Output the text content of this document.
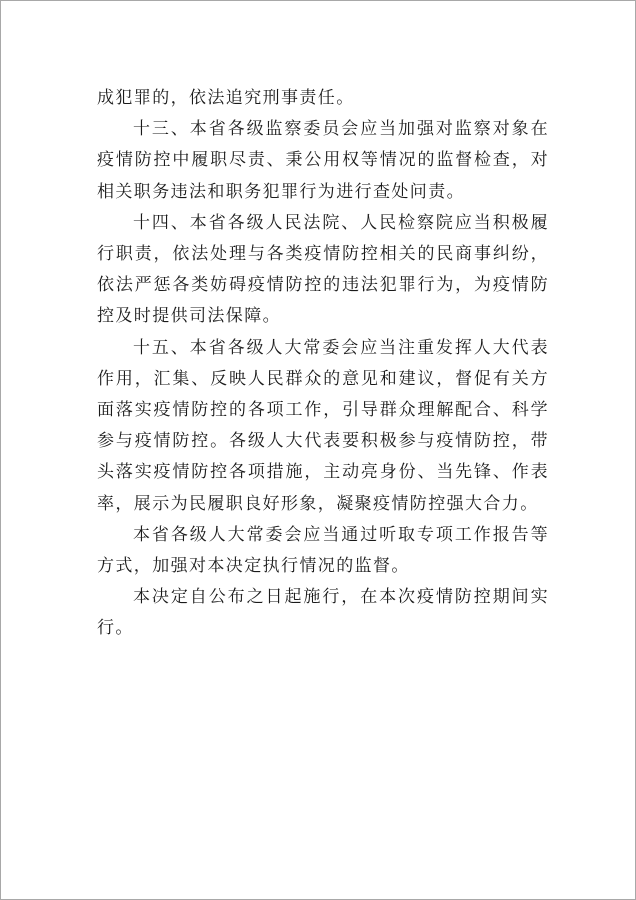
成犯罪的，依法追究刑事责任。

十三、本省各级监察委员会应当加强对监察对象在疫情防控中履职尽责、秉公用权等情况的监督检查，对相关职务违法和职务犯罪行为进行查处问责。

十四、本省各级人民法院、人民检察院应当积极履行职责，依法处理与各类疫情防控相关的民商事纠纷，依法严惩各类妨碍疫情防控的违法犯罪行为，为疫情防控及时提供司法保障。

十五、本省各级人大常委会应当注重发挥人大代表作用，汇集、反映人民群众的意见和建议，督促有关方面落实疫情防控的各项工作，引导群众理解配合、科学参与疫情防控。各级人大代表要积极参与疫情防控，带头落实疫情防控各项措施，主动亮身份、当先锋、作表率，展示为民履职良好形象，凝聚疫情防控强大合力。

本省各级人大常委会应当通过听取专项工作报告等方式，加强对本决定执行情况的监督。

本决定自公布之日起施行，在本次疫情防控期间实行。
